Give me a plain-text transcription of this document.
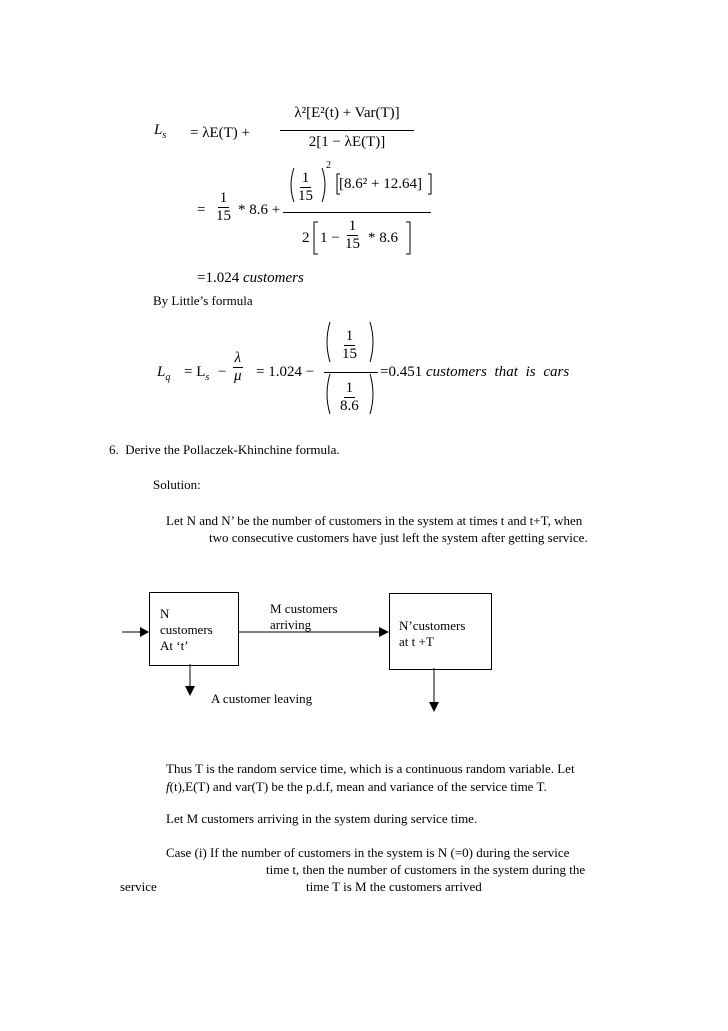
$L_s = \lambda E(T)$ +
λ²[E²(t) + Var(T)]
2[1 − λE(T)]
= $\frac{1}{15} * 8.6$ +
$\frac{1}{15}$
2
[8.6² + 12.64]
2 $1 - \frac{1}{15} * 8.6$
=1.024 customers
By Little’s formula
$L_q = L_s - \frac{\lambda}{\mu} = 1.024$ −
$\frac{1}{15}$
$\frac{1}{8.6}$
=0.451 customers that is cars
6. Derive the Pollaczek-Khinchine formula.
Solution:
Let N and N’ be the number of customers in the system at times t and t+T, when
two consecutive customers have just left the system after getting service.
N
customers
At ‘t’
N’customers
at t +T
M customers
arriving
A customer leaving
Thus T is the random service time, which is a continuous random variable. Let
f(t),E(T) and var(T) be the p.d.f, mean and variance of the service time T.
Let M customers arriving in the system during service time.
Case (i) If the number of customers in the system is N (=0) during the service
time t, then the number of customers in the system during the
service	time T is M the customers arrived
